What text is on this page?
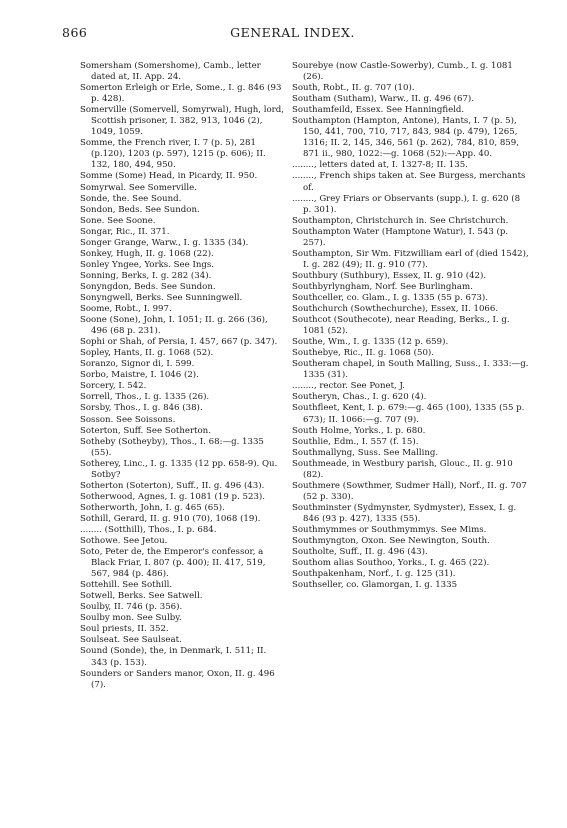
866	GENERAL INDEX.

Somersham (Somershome), Camb., letter dated at, II. App. 24.

Somerton Erleigh or Erle, Some., I. g. 846 (93 p. 428).

Somerville (Somervell, Somyrwal), Hugh, lord, Scottish prisoner, I. 382, 913, 1046 (2), 1049, 1059.

Somme, the French river, I. 7 (p. 5), 281 (p.120), 1203 (p. 597), 1215 (p. 606); II. 132, 180, 494, 950.

Somme (Some) Head, in Picardy, II. 950.

Somyrwal. See Somerville.

Sonde, the. See Sound.

Sondon, Beds. See Sundon.

Sone. See Soone.

Songar, Ric., II. 371.

Songer Grange, Warw., I. g. 1335 (34).

Sonkey, Hugh, II. g. 1068 (22).

Sonley Yngee, Yorks. See Ings.

Sonning, Berks, I. g. 282 (34).

Sonyngdon, Beds. See Sundon.

Sonyngwell, Berks. See Sunningwell.

Soome, Robt., I. 997.

Soone (Sone), John, I. 1051; II. g. 266 (36), 496 (68 p. 231).

Sophi or Shah, of Persia, I. 457, 667 (p. 347).

Sopley, Hants, II. g. 1068 (52).

Soranzo, Signor di, I. 599.

Sorbo, Maistre, I. 1046 (2).

Sorcery, I. 542.

Sorrell, Thos., I. g. 1335 (26).

Sorsby, Thos., I. g. 846 (38).

Sosson. See Soissons.

Soterton, Suff. See Sotherton.

Sotheby (Sotheyby), Thos., I. 68:—g. 1335 (55).

Sotherey, Linc., I. g. 1335 (12 pp. 658-9). Qu. Sotby?

Sotherton (Soterton), Suff., II. g. 496 (43).

Sotherwood, Agnes, I. g. 1081 (19 p. 523).

Sotherworth, John, I. g. 465 (65).

Sothill, Gerard, II. g. 910 (70), 1068 (19).

........ (Sotthill), Thos., I. p. 684.

Sothowe. See Jetou.

Soto, Peter de, the Emperor's confessor, a Black Friar, I. 807 (p. 400); II. 417, 519, 567, 984 (p. 486).

Sottehill. See Sothill.

Sotwell, Berks. See Satwell.

Soulby, II. 746 (p. 356).

Soulby mon. See Sulby.

Soul priests, II. 352.

Soulseat. See Saulseat.

Sound (Sonde), the, in Denmark, I. 511; II. 343 (p. 153).

Sounders or Sanders manor, Oxon, II. g. 496 (7).

Sourebye (now Castle-Sowerby), Cumb., I. g. 1081 (26).

South, Robt., II. g. 707 (10).

Southam (Sutham), Warw., II. g. 496 (67).

Southamfeild, Essex. See Hanningfield.

Southampton (Hampton, Antone), Hants, I. 7 (p. 5), 150, 441, 700, 710, 717, 843, 984 (p. 479), 1265, 1316; II. 2, 145, 346, 561 (p. 262), 784, 810, 859, 871 ii., 980, 1022:—g. 1068 (52):—App. 40.

........, letters dated at, I. 1327-8; II. 135.

........, French ships taken at. See Burgess, merchants of.

........, Grey Friars or Observants (supp.), I. g. 620 (8 p. 301).

Southampton, Christchurch in. See Christchurch.

Southampton Water (Hamptone Watur), I. 543 (p. 257).

Southampton, Sir Wm. Fitzwilliam earl of (died 1542), I. g. 282 (49); II. g. 910 (77).

Southbury (Suthbury), Essex, II. g. 910 (42).

Southbyrlyngham, Norf. See Burlingham.

Southceller, co. Glam., I. g. 1335 (55 p. 673).

Southchurch (Sowthechurche), Essex, II. 1066.

Southcot (Southecote), near Reading, Berks., I. g. 1081 (52).

Southe, Wm., I. g. 1335 (12 p. 659).

Southebye, Ric., II. g. 1068 (50).

Southeram chapel, in South Malling, Suss., I. 333:—g. 1335 (31).

........, rector. See Ponet, J.

Southeryn, Chas., I. g. 620 (4).

Southfleet, Kent, I. p. 679:—g. 465 (100), 1335 (55 p. 673); II. 1066:—g. 707 (9).

South Holme, Yorks., I. p. 680.

Southlie, Edm., I. 557 (f. 15).

Southmallyng, Suss. See Malling.

Southmeade, in Westbury parish, Glouc., II. g. 910 (82).

Southmere (Sowthmer, Sudmer Hall), Norf., II. g. 707 (52 p. 330).

Southminster (Sydmynster, Sydmyster), Essex, I. g. 846 (93 p. 427), 1335 (55).

Southmymmes or Southmymmys. See Mims.

Southmyngton, Oxon. See Newington, South.

Southolte, Suff., II. g. 496 (43).

Southom alias Southoo, Yorks., I. g. 465 (22).

Southpakenham, Norf., I. g. 125 (31).

Southseller, co. Glamorgan, I. g. 1335
